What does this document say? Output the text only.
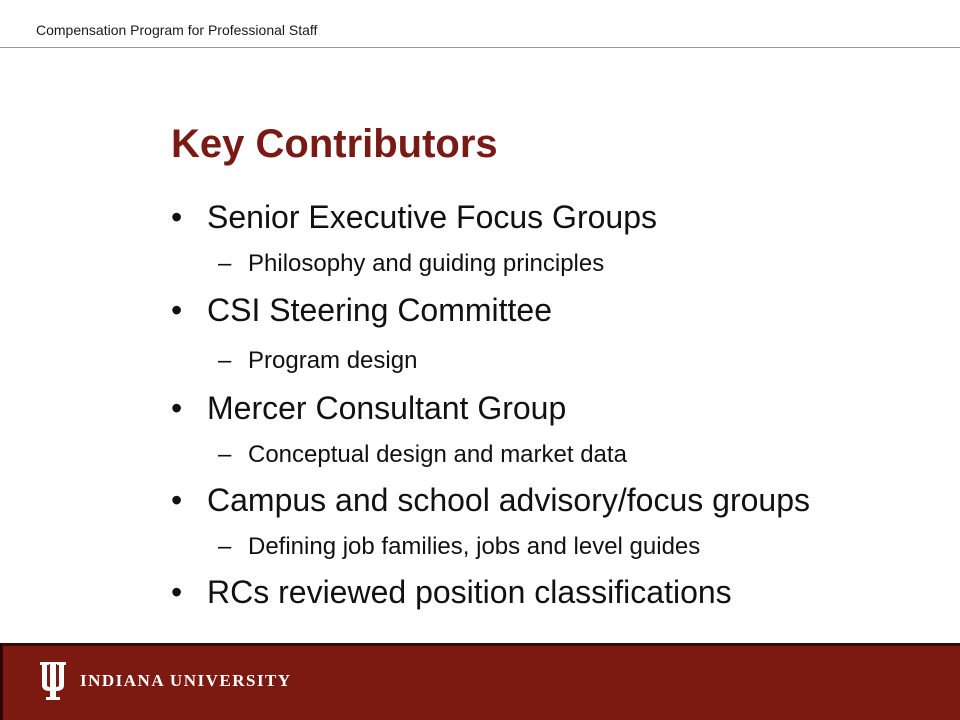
Compensation Program for Professional Staff
Key Contributors
• Senior Executive Focus Groups
– Philosophy and guiding principles
• CSI Steering Committee
– Program design
• Mercer Consultant Group
– Conceptual design and market data
• Campus and school advisory/focus groups
– Defining job families, jobs and level guides
• RCs reviewed position classifications
INDIANA UNIVERSITY
